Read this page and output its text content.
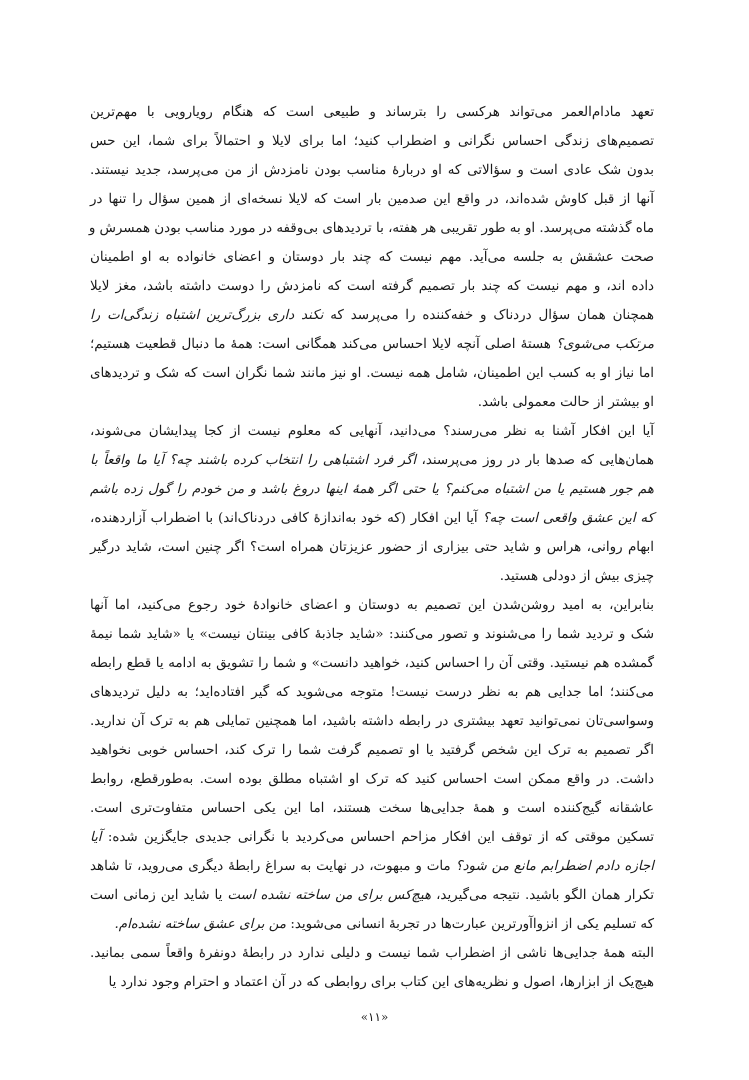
تعهد مادام‌العمر می‌تواند هرکسی را بترساند و طبیعی است که هنگام رویارویی با مهم‌ترین
تصمیم‌های زندگی احساس نگرانی و اضطراب کنید؛ اما برای لایلا و احتمالاً برای شما، این حس
بدون شک عادی است و سؤالاتی که او دربارهٔ مناسب بودن نامزدش از من می‌پرسد، جدید نیستند.
آنها از قبل کاوش شده‌اند، در واقع این صدمین بار است که لایلا نسخه‌ای از همین سؤال را تنها در
ماه گذشته می‌پرسد. او به طور تقریبی هر هفته، با تردیدهای بی‌وقفه در مورد مناسب بودن همسرش و
صحت عشقش به جلسه می‌آید. مهم نیست که چند بار دوستان و اعضای خانواده به او اطمینان
داده اند، و مهم نیست که چند بار تصمیم گرفته است که نامزدش را دوست داشته باشد، مغز لایلا
همچنان همان سؤال دردناک و خفه‌کننده را می‌پرسد که نکند داری بزرگ‌ترین اشتباه زندگی‌ات را
مرتکب می‌شوی؟ هستهٔ اصلی آنچه لایلا احساس می‌کند همگانی است: همهٔ ما دنبال قطعیت هستیم؛
اما نیاز او به کسب این اطمینان، شامل همه نیست. او نیز مانند شما نگران است که شک و تردیدهای
او بیشتر از حالت معمولی باشد.

آیا این افکار آشنا به نظر می‌رسند؟ می‌دانید، آنهایی که معلوم نیست از کجا پیدایشان می‌شوند،
همان‌هایی که صدها بار در روز می‌پرسند، اگر فرد اشتباهی را انتخاب کرده باشند چه؟ آیا ما واقعاً با
هم جور هستیم یا من اشتباه می‌کنم؟ یا حتی اگر همهٔ اینها دروغ باشد و من خودم را گول زده باشم
که این عشق واقعی است چه؟ آیا این افکار (که خود به‌اندازهٔ کافی دردناک‌اند) با اضطراب آزاردهنده،
ابهام روانی، هراس و شاید حتی بیزاری از حضور عزیزتان همراه است؟ اگر چنین است، شاید درگیر
چیزی بیش از دودلی هستید.

بنابراین، به امید روشن‌شدن این تصمیم به دوستان و اعضای خانوادهٔ خود رجوع می‌کنید، اما آنها
شک و تردید شما را می‌شنوند و تصور می‌کنند: «شاید جاذبهٔ کافی بینتان نیست» یا «شاید شما نیمهٔ
گمشده هم نیستید. وقتی آن را احساس کنید، خواهید دانست» و شما را تشویق به ادامه یا قطع رابطه
می‌کنند؛ اما جدایی هم به نظر درست نیست! متوجه می‌شوید که گیر افتاده‌اید؛ به دلیل تردیدهای
وسواسی‌تان نمی‌توانید تعهد بیشتری در رابطه داشته باشید، اما همچنین تمایلی هم به ترک آن ندارید.
اگر تصمیم به ترک این شخص گرفتید یا او تصمیم گرفت شما را ترک کند، احساس خوبی نخواهید
داشت. در واقع ممکن است احساس کنید که ترک او اشتباه مطلق بوده است. به‌طورقطع، روابط
عاشقانه گیج‌کننده است و همهٔ جدایی‌ها سخت هستند، اما این یکی احساس متفاوت‌تری است.
تسکین موقتی که از توقف این افکار مزاحم احساس می‌کردید با نگرانی جدیدی جایگزین شده: آیا
اجازه دادم اضطرابم مانع من شود؟ مات و مبهوت، در نهایت به سراغ رابطهٔ دیگری می‌روید، تا شاهد
تکرار همان الگو باشید. نتیجه می‌گیرید، هیچ‌کس برای من ساخته نشده است یا شاید این زمانی است
که تسلیم یکی از انزواآورترین عبارت‌ها در تجربهٔ انسانی می‌شوید: من برای عشق ساخته نشده‌ام.

البته همهٔ جدایی‌ها ناشی از اضطراب شما نیست و دلیلی ندارد در رابطهٔ دونفرهٔ واقعاً سمی بمانید.
هیچ‌یک از ابزارها، اصول و نظریه‌های این کتاب برای روابطی که در آن اعتماد و احترام وجود ندارد یا

«۱۱»
